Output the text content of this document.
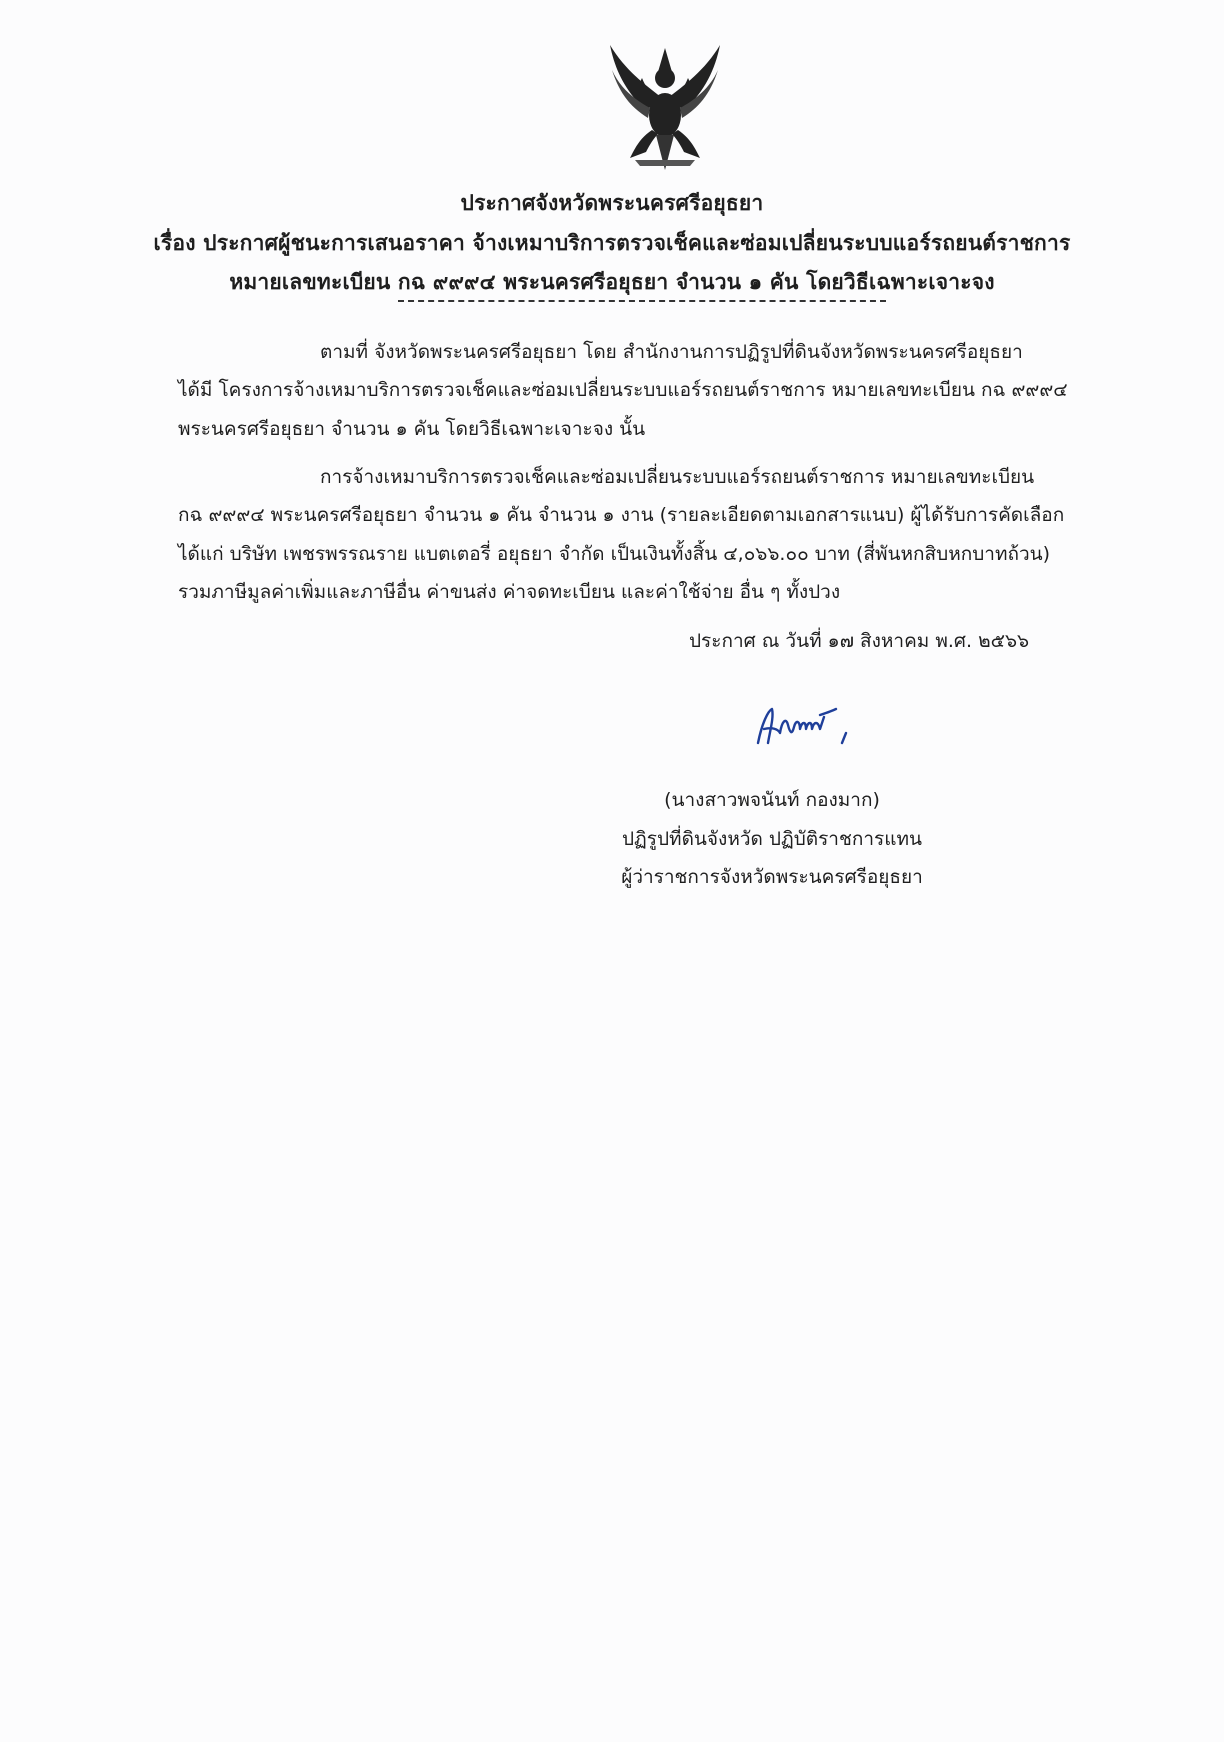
ประกาศจังหวัดพระนครศรีอยุธยา
เรื่อง ประกาศผู้ชนะการเสนอราคา จ้างเหมาบริการตรวจเช็คและซ่อมเปลี่ยนระบบแอร์รถยนต์ราชการ
หมายเลขทะเบียน กฉ ๙๙๙๔ พระนครศรีอยุธยา จำนวน ๑ คัน โดยวิธีเฉพาะเจาะจง
ตามที่ จังหวัดพระนครศรีอยุธยา โดย สำนักงานการปฏิรูปที่ดินจังหวัดพระนครศรีอยุธยา
ได้มี โครงการจ้างเหมาบริการตรวจเช็คและซ่อมเปลี่ยนระบบแอร์รถยนต์ราชการ หมายเลขทะเบียน กฉ ๙๙๙๔
พระนครศรีอยุธยา จำนวน ๑ คัน โดยวิธีเฉพาะเจาะจง นั้น
การจ้างเหมาบริการตรวจเช็คและซ่อมเปลี่ยนระบบแอร์รถยนต์ราชการ หมายเลขทะเบียน
กฉ ๙๙๙๔ พระนครศรีอยุธยา จำนวน ๑ คัน จำนวน ๑ งาน (รายละเอียดตามเอกสารแนบ) ผู้ได้รับการคัดเลือก
ได้แก่ บริษัท เพชรพรรณราย แบตเตอรี่ อยุธยา จำกัด เป็นเงินทั้งสิ้น ๔,๐๖๖.๐๐ บาท (สี่พันหกสิบหกบาทถ้วน)
รวมภาษีมูลค่าเพิ่มและภาษีอื่น ค่าขนส่ง ค่าจดทะเบียน และค่าใช้จ่าย อื่น ๆ ทั้งปวง
ประกาศ ณ วันที่ ๑๗ สิงหาคม พ.ศ. ๒๕๖๖
(นางสาวพจนันท์ กองมาก)
ปฏิรูปที่ดินจังหวัด ปฏิบัติราชการแทน
ผู้ว่าราชการจังหวัดพระนครศรีอยุธยา
